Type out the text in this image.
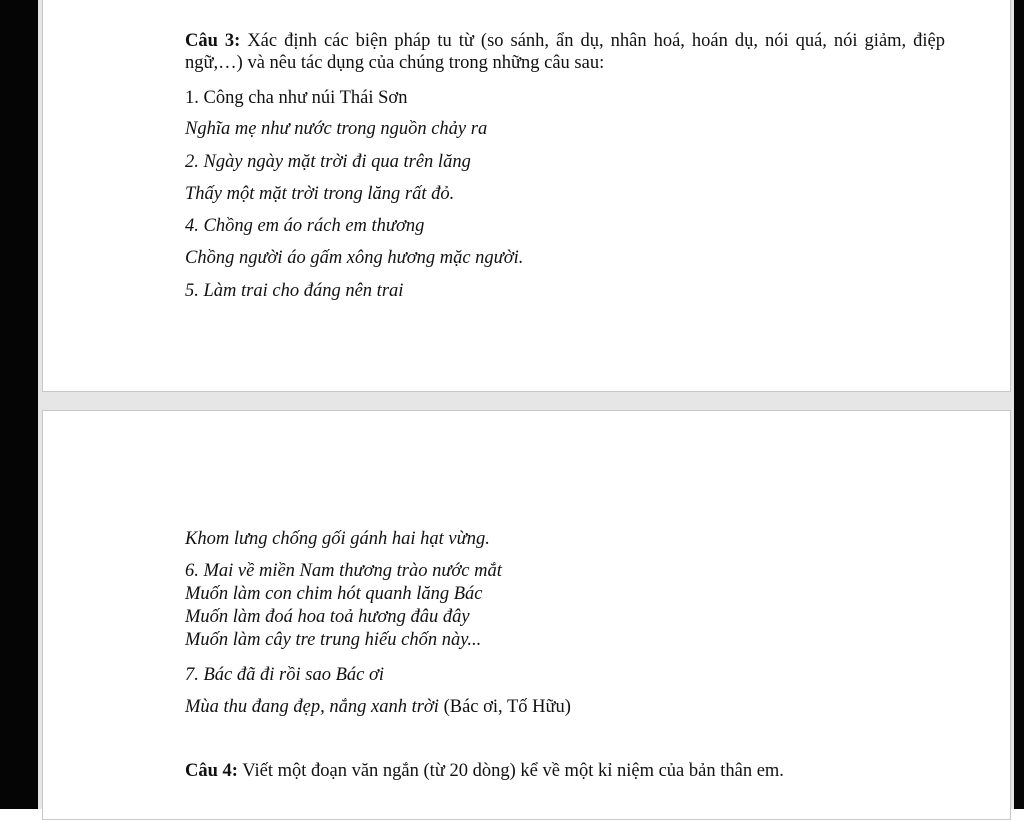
Câu 3: Xác định các biện pháp tu từ (so sánh, ẩn dụ, nhân hoá, hoán dụ, nói quá, nói giảm, điệp ngữ,…) và nêu tác dụng của chúng trong những câu sau:
1. Công cha như núi Thái Sơn
Nghĩa mẹ như nước trong nguồn chảy ra
2. Ngày ngày mặt trời đi qua trên lăng
Thấy một mặt trời trong lăng rất đỏ.
4. Chồng em áo rách em thương
Chồng người áo gấm xông hương mặc người.
5. Làm trai cho đáng nên trai
Khom lưng chống gối gánh hai hạt vừng.
6. Mai về miền Nam thương trào nước mắt
Muốn làm con chim hót quanh lăng Bác
Muốn làm đoá hoa toả hương đâu đây
Muốn làm cây tre trung hiếu chốn này...
7. Bác đã đi rồi sao Bác ơi
Mùa thu đang đẹp, nắng xanh trời (Bác ơi, Tố Hữu)
Câu 4: Viết một đoạn văn ngắn (từ 20 dòng) kể về một kỉ niệm của bản thân em.
